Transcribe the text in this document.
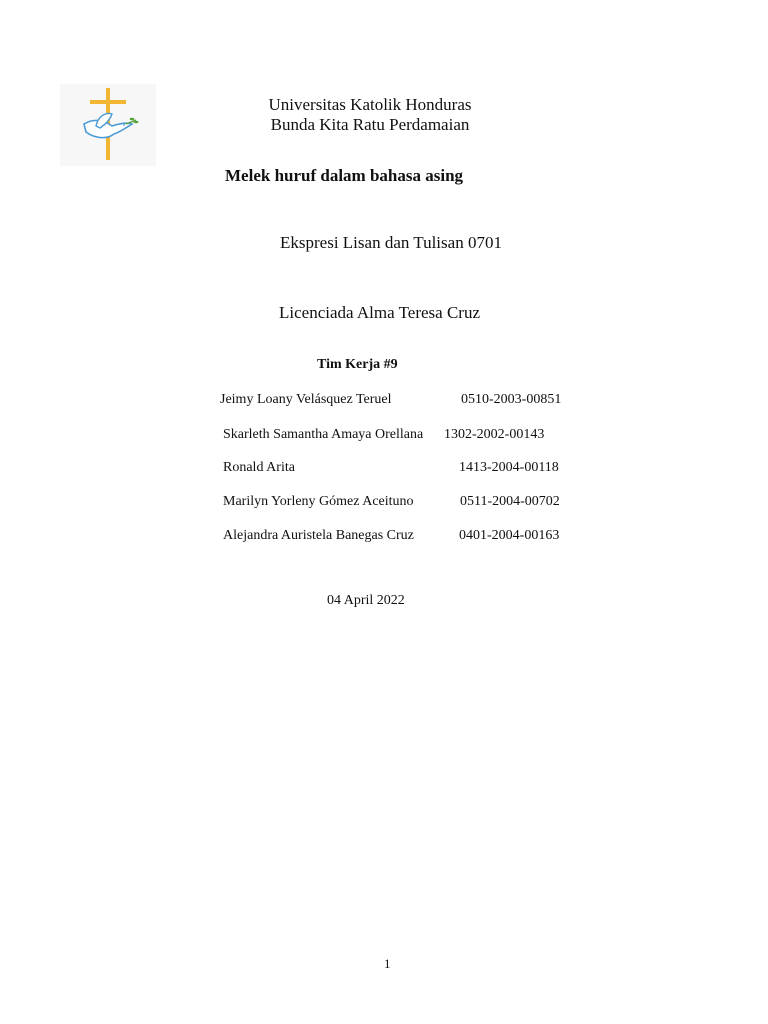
Universitas Katolik Honduras
Bunda Kita Ratu Perdamaian
Melek huruf dalam bahasa asing
Ekspresi Lisan dan Tulisan 0701
Licenciada Alma Teresa Cruz
Tim Kerja #9
Jeimy Loany Velásquez Teruel	0510-2003-00851
Skarleth Samantha Amaya Orellana 1302-2002-00143
Ronald Arita	1413-2004-00118
Marilyn Yorleny Gómez Aceituno	0511-2004-00702
Alejandra Auristela Banegas Cruz	0401-2004-00163
04 April 2022
1
